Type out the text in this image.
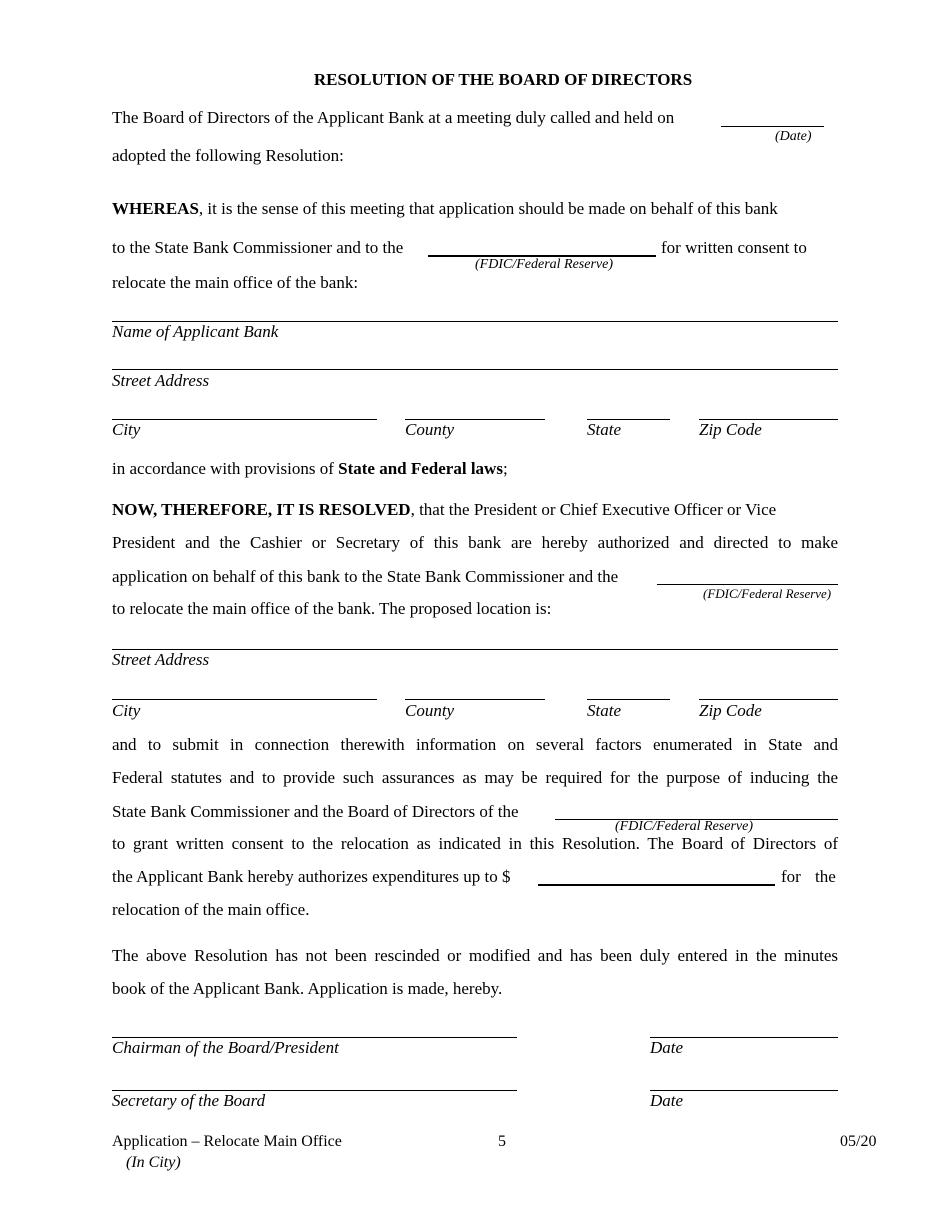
RESOLUTION OF THE BOARD OF DIRECTORS
The Board of Directors of the Applicant Bank at a meeting duly called and held on
(Date)
adopted the following Resolution:
WHEREAS, it is the sense of this meeting that application should be made on behalf of this bank
to the State Bank Commissioner and to the
(FDIC/Federal Reserve)
for written consent to
relocate the main office of the bank:
Name of Applicant Bank
Street Address
City	County	State	Zip Code
in accordance with provisions of State and Federal laws;
NOW, THEREFORE, IT IS RESOLVED , that the President or Chief Executive Officer or Vice
President and the Cashier or Secretary of this bank are hereby authorized and directed to make
application on behalf of this bank to the State Bank Commissioner and the
(FDIC/Federal Reserve)
to relocate the main office of the bank. The proposed location is:
Street Address
City	County	State	Zip Code
and to submit in connection therewith information on several factors enumerated in State and
Federal statutes and to provide such assurances as may be required for the purpose of inducing the
State Bank Commissioner and the Board of Directors of the
(FDIC/Federal Reserve)
to grant written consent to the relocation as indicated in this Resolution. The Board of Directors of
the Applicant Bank hereby authorizes expenditures up to $	for the
relocation of the main office.
The above Resolution has not been rescinded or modified and has been duly entered in the minutes
book of the Applicant Bank. Application is made, hereby.
Chairman of the Board/President	Date
Secretary of the Board	Date
Application – Relocate Main Office
(In City)
5	05/20
